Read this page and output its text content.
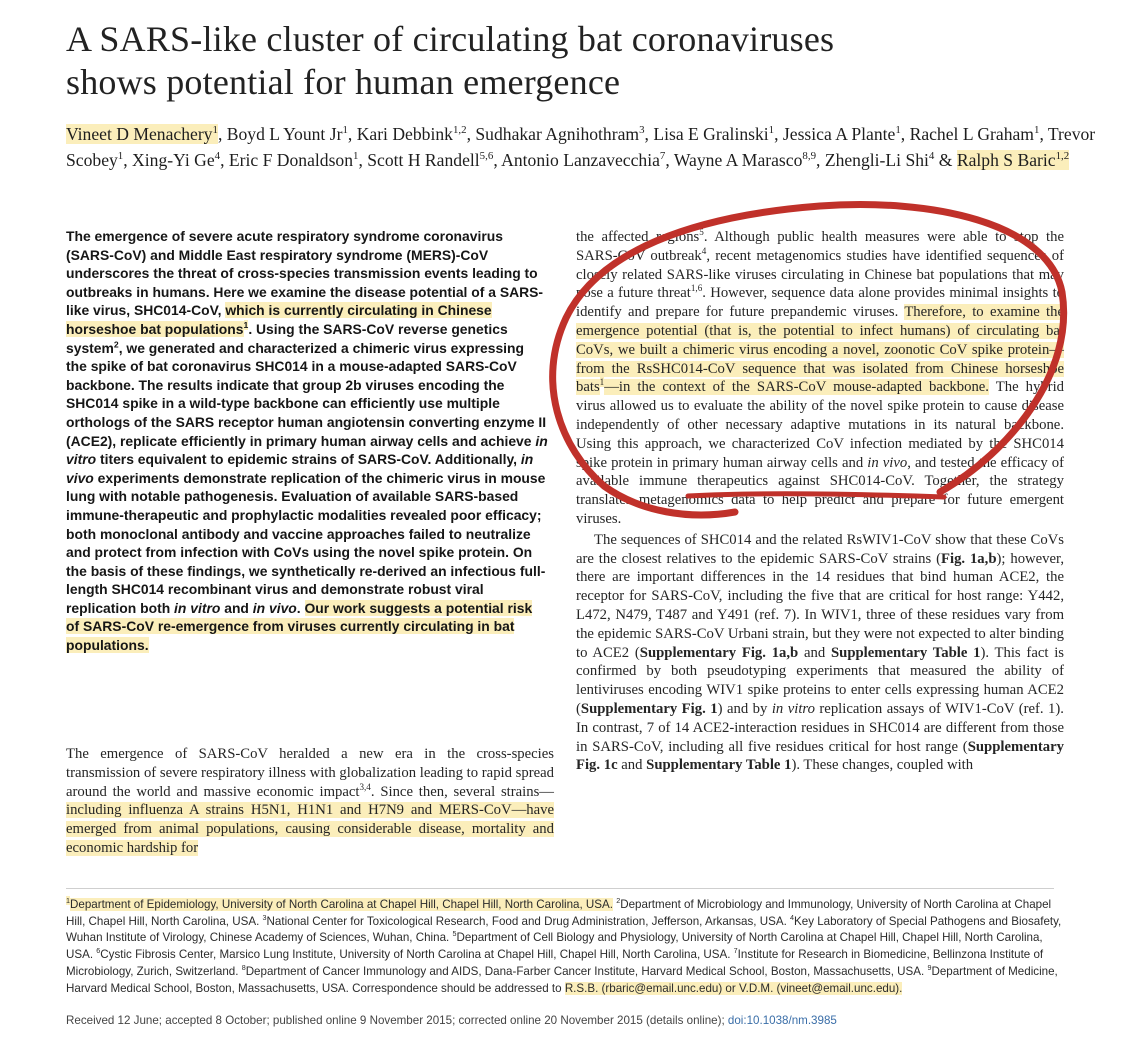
A SARS-like cluster of circulating bat coronaviruses
shows potential for human emergence
Vineet D Menachery$^1$, Boyd L Yount Jr$^1$, Kari Debbink$^{1,2}$, Sudhakar Agnihothram$^3$, Lisa E Gralinski$^1$, Jessica A Plante$^1$, Rachel L Graham$^1$, Trevor Scobey$^1$, Xing-Yi Ge$^4$, Eric F Donaldson$^1$, Scott H Randell$^{5,6}$, Antonio Lanzavecchia$^7$, Wayne A Marasco$^{8,9}$, Zhengli-Li Shi$^4$ & Ralph S Baric$^{1,2}$

The emergence of severe acute respiratory syndrome coronavirus (SARS-CoV) and Middle East respiratory syndrome (MERS)-CoV underscores the threat of cross-species transmission events leading to outbreaks in humans. Here we examine the disease potential of a SARS-like virus, SHC014-CoV, which is currently circulating in Chinese horseshoe bat populations$^1$. Using the SARS-CoV reverse genetics system$^2$, we generated and characterized a chimeric virus expressing the spike of bat coronavirus SHC014 in a mouse-adapted SARS-CoV backbone. The results indicate that group 2b viruses encoding the SHC014 spike in a wild-type backbone can efficiently use multiple orthologs of the SARS receptor human angiotensin converting enzyme II (ACE2), replicate efficiently in primary human airway cells and achieve in vitro titers equivalent to epidemic strains of SARS-CoV. Additionally, in vivo experiments demonstrate replication of the chimeric virus in mouse lung with notable pathogenesis. Evaluation of available SARS-based immune-therapeutic and prophylactic modalities revealed poor efficacy; both monoclonal antibody and vaccine approaches failed to neutralize and protect from infection with CoVs using the novel spike protein. On the basis of these findings, we synthetically re-derived an infectious full-length SHC014 recombinant virus and demonstrate robust viral replication both in vitro and in vivo. Our work suggests a potential risk of SARS-CoV re-emergence from viruses currently circulating in bat populations.

The emergence of SARS-CoV heralded a new era in the cross-species transmission of severe respiratory illness with globalization leading to rapid spread around the world and massive economic impact$^{3,4}$. Since then, several strains—including influenza A strains H5N1, H1N1 and H7N9 and MERS-CoV—have emerged from animal populations, causing considerable disease, mortality and economic hardship for

the affected regions$^5$. Although public health measures were able to stop the SARS-CoV outbreak$^4$, recent metagenomics studies have identified sequences of closely related SARS-like viruses circulating in Chinese bat populations that may pose a future threat$^{1,6}$. However, sequence data alone provides minimal insights to identify and prepare for future prepandemic viruses. Therefore, to examine the emergence potential (that is, the potential to infect humans) of circulating bat CoVs, we built a chimeric virus encoding a novel, zoonotic CoV spike protein—from the RsSHC014-CoV sequence that was isolated from Chinese horseshoe bats$^1$—in the context of the SARS-CoV mouse-adapted backbone. The hybrid virus allowed us to evaluate the ability of the novel spike protein to cause disease independently of other necessary adaptive mutations in its natural backbone. Using this approach, we characterized CoV infection mediated by the SHC014 spike protein in primary human airway cells and in vivo, and tested the efficacy of available immune therapeutics against SHC014-CoV. Together, the strategy translates metagenomics data to help predict and prepare for future emergent viruses.

The sequences of SHC014 and the related RsWIV1-CoV show that these CoVs are the closest relatives to the epidemic SARS-CoV strains (Fig. 1a,b); however, there are important differences in the 14 residues that bind human ACE2, the receptor for SARS-CoV, including the five that are critical for host range: Y442, L472, N479, T487 and Y491 (ref. 7). In WIV1, three of these residues vary from the epidemic SARS-CoV Urbani strain, but they were not expected to alter binding to ACE2 (Supplementary Fig. 1a,b and Supplementary Table 1). This fact is confirmed by both pseudotyping experiments that measured the ability of lentiviruses encoding WIV1 spike proteins to enter cells expressing human ACE2 (Supplementary Fig. 1) and by in vitro replication assays of WIV1-CoV (ref. 1). In contrast, 7 of 14 ACE2-interaction residues in SHC014 are different from those in SARS-CoV, including all five residues critical for host range (Supplementary Fig. 1c and Supplementary Table 1). These changes, coupled with

$^1$Department of Epidemiology, University of North Carolina at Chapel Hill, Chapel Hill, North Carolina, USA. $^2$Department of Microbiology and Immunology, University of North Carolina at Chapel Hill, Chapel Hill, North Carolina, USA. $^3$National Center for Toxicological Research, Food and Drug Administration, Jefferson, Arkansas, USA. $^4$Key Laboratory of Special Pathogens and Biosafety, Wuhan Institute of Virology, Chinese Academy of Sciences, Wuhan, China. $^5$Department of Cell Biology and Physiology, University of North Carolina at Chapel Hill, Chapel Hill, North Carolina, USA. $^6$Cystic Fibrosis Center, Marsico Lung Institute, University of North Carolina at Chapel Hill, Chapel Hill, North Carolina, USA. $^7$Institute for Research in Biomedicine, Bellinzona Institute of Microbiology, Zurich, Switzerland. $^8$Department of Cancer Immunology and AIDS, Dana-Farber Cancer Institute, Harvard Medical School, Boston, Massachusetts, USA. $^9$Department of Medicine, Harvard Medical School, Boston, Massachusetts, USA. Correspondence should be addressed to R.S.B. (rbaric@email.unc.edu) or V.D.M. (vineet@email.unc.edu).

Received 12 June; accepted 8 October; published online 9 November 2015; corrected online 20 November 2015 (details online); doi:10.1038/nm.3985
